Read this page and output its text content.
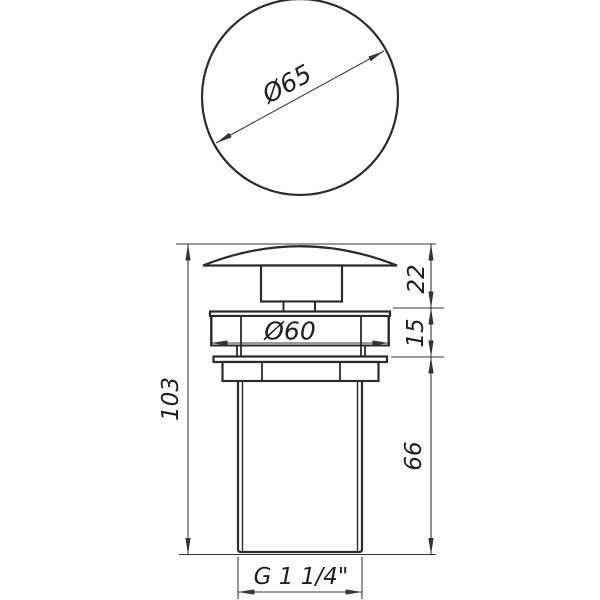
Ø65
103
22
15
66
Ø60
G 1 1/4"
